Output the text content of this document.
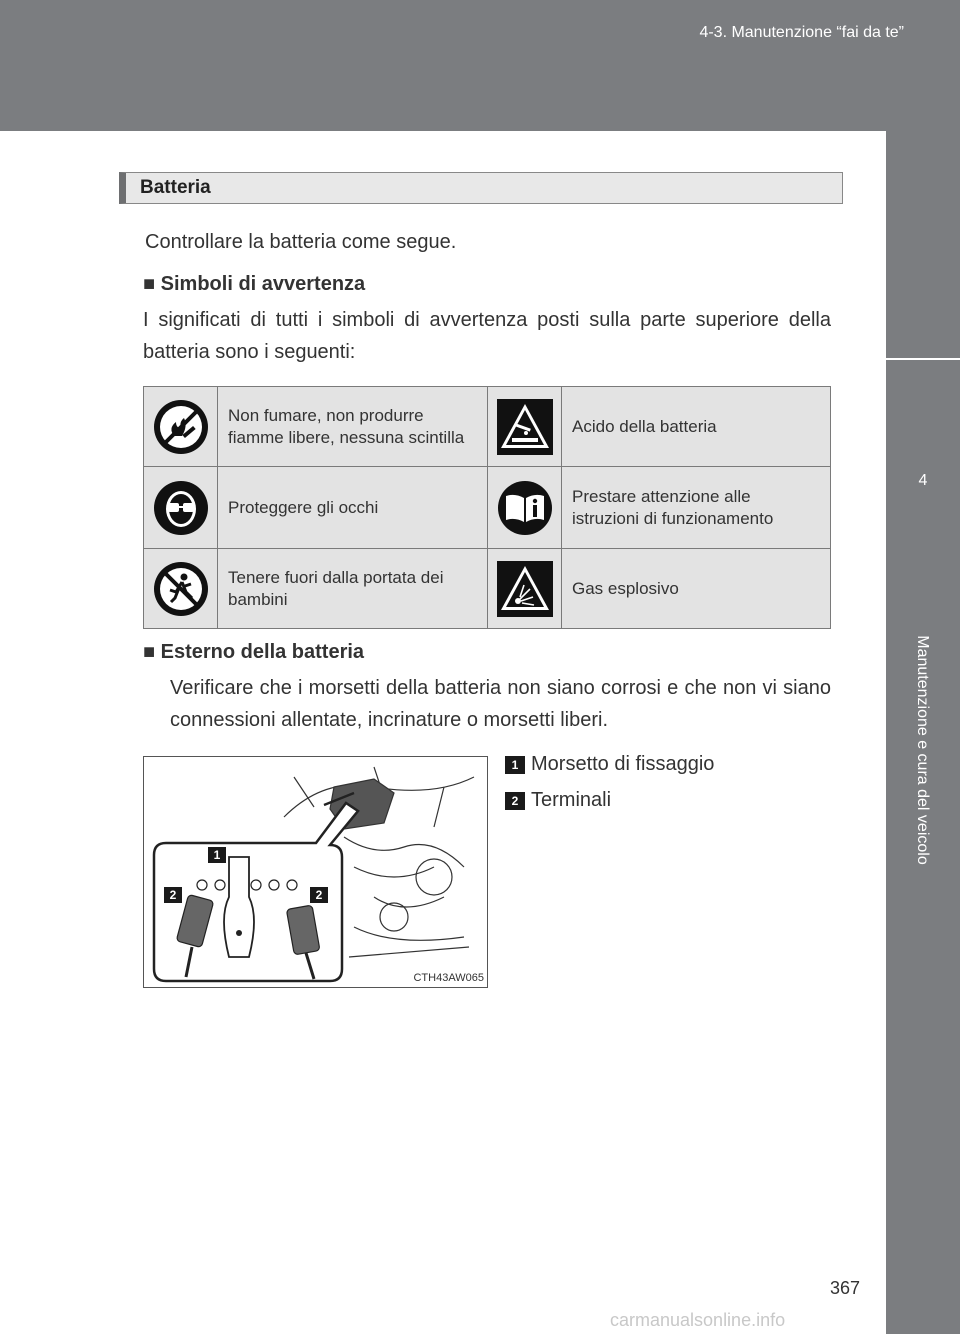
4-3. Manutenzione “fai da te”
4
Manutenzione e cura del veicolo
Batteria
Controllare la batteria come segue.
■ Simboli di avvertenza
I significati di tutti i simboli di avvertenza posti sulla parte superiore della batteria sono i seguenti:
	Non fumare, non produrre fiamme libere, nessuna scintilla		Acido della batteria

	Proteggere gli occhi		Prestare attenzione alle istruzioni di funzionamento

	Tenere fuori dalla portata dei bambini		Gas esplosivo
■ Esterno della batteria
Verificare che i morsetti della batteria non siano corrosi e che non vi siano connessioni allentate, incrinature o morsetti liberi.
1
2	2
CTH43AW065
1 Morsetto di fissaggio
2 Terminali
367
carmanualsonline.info
